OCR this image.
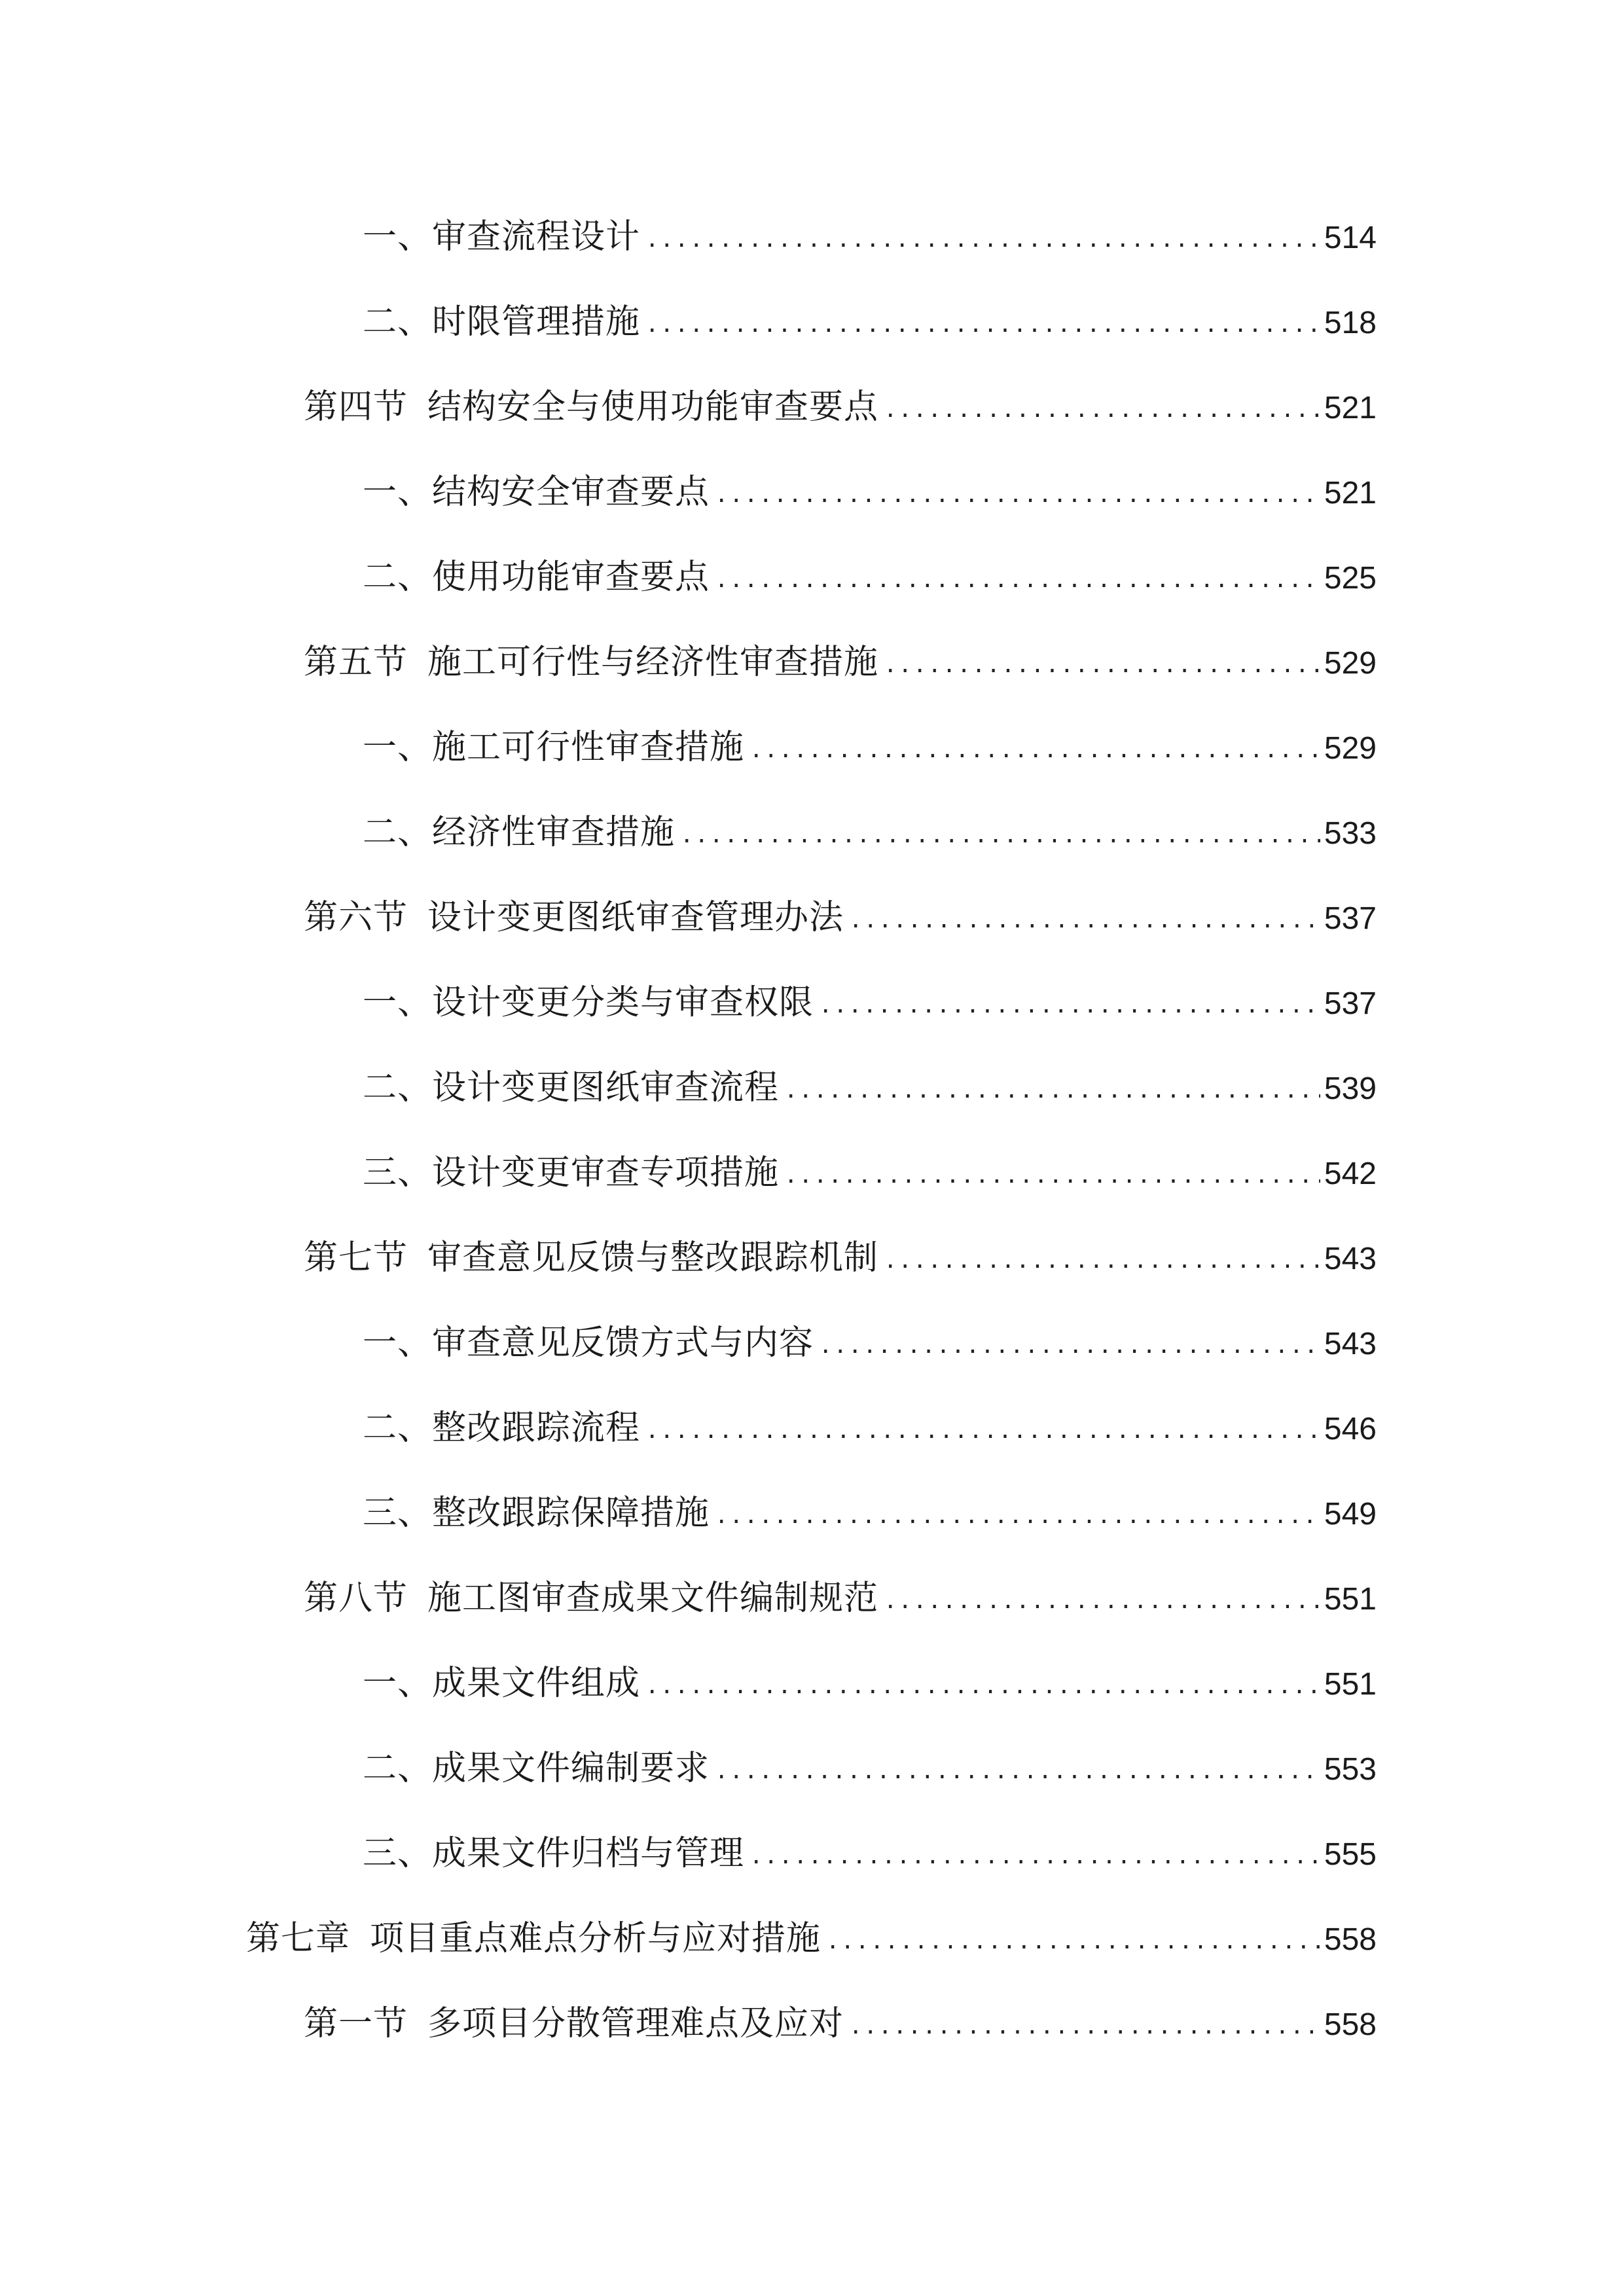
一、审查流程设计 .....	514
二、时限管理措施 .....	518
第四节 结构安全与使用功能审查要点 .....	521
一、结构安全审查要点 .....	521
二、使用功能审查要点 .....	525
第五节 施工可行性与经济性审查措施 .....	529
一、施工可行性审查措施 .....	529
二、经济性审查措施 .....	533
第六节 设计变更图纸审查管理办法 .....	537
一、设计变更分类与审查权限 .....	537
二、设计变更图纸审查流程 .....	539
三、设计变更审查专项措施 .....	542
第七节 审查意见反馈与整改跟踪机制 .....	543
一、审查意见反馈方式与内容 .....	543
二、整改跟踪流程 .....	546
三、整改跟踪保障措施 .....	549
第八节 施工图审查成果文件编制规范 .....	551
一、成果文件组成 .....	551
二、成果文件编制要求 .....	553
三、成果文件归档与管理 .....	555
第七章 项目重点难点分析与应对措施 .....	558
第一节 多项目分散管理难点及应对 .....	558
